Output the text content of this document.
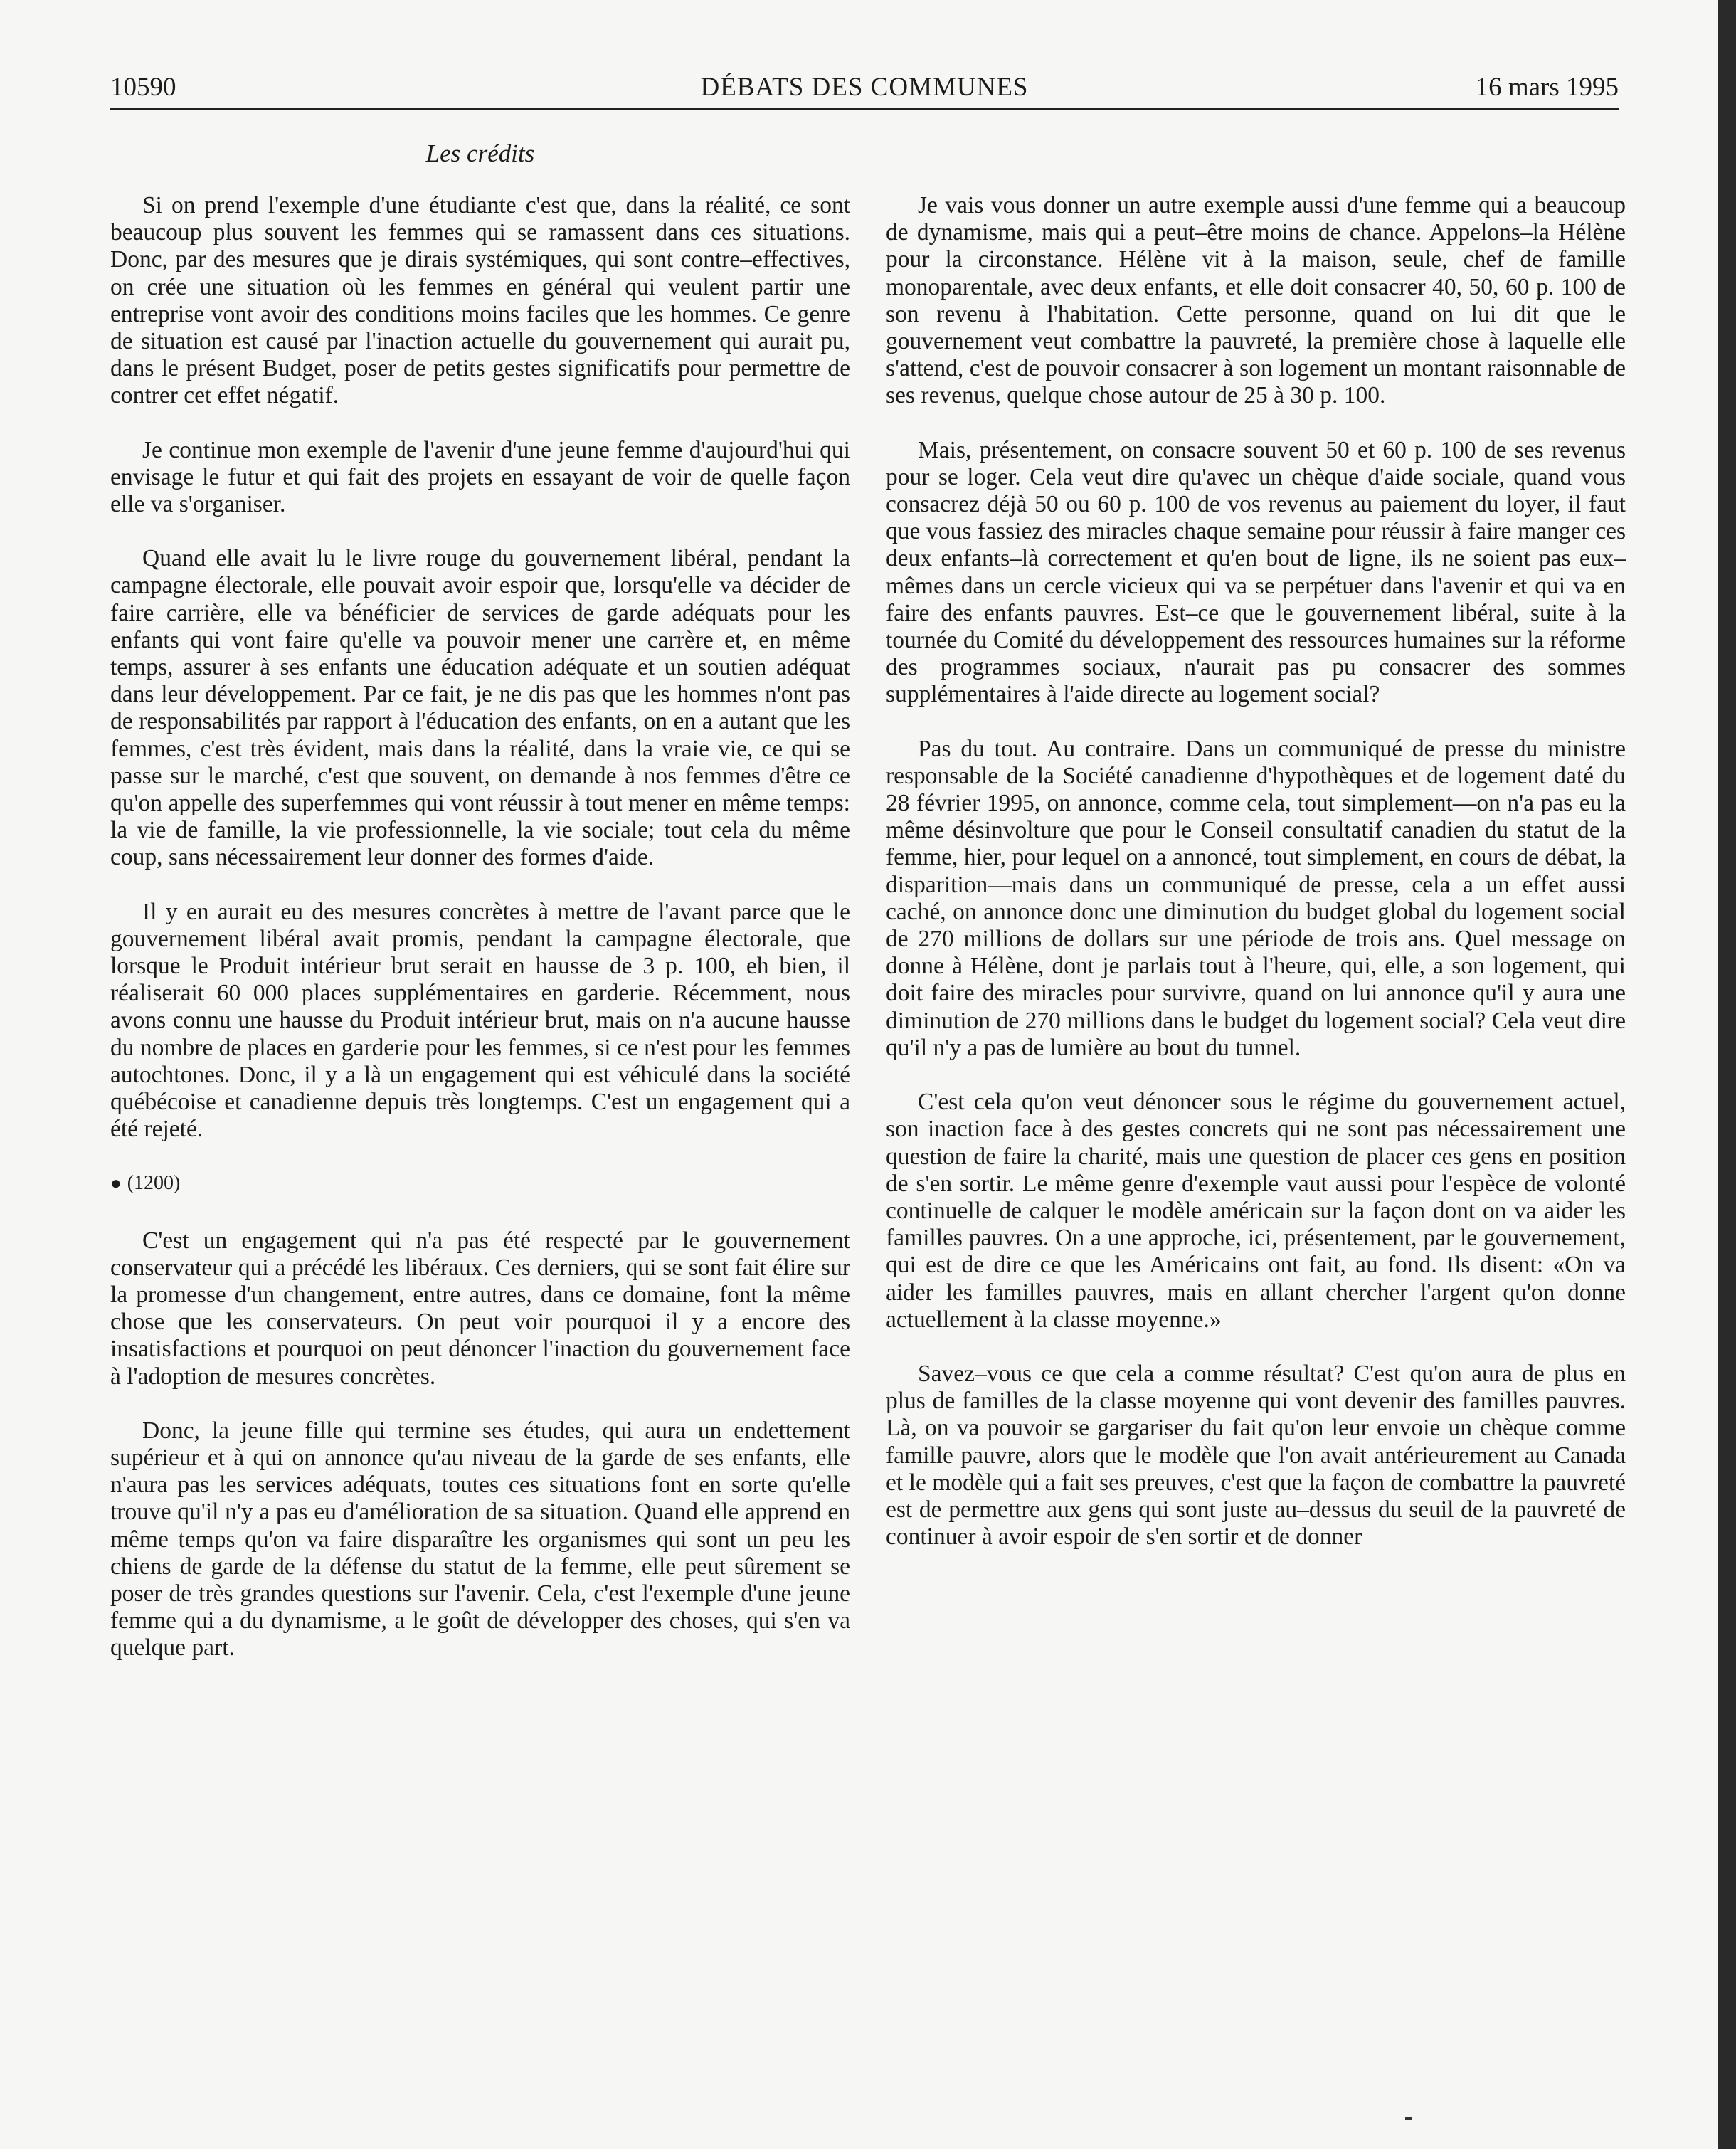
10590	DÉBATS DES COMMUNES	16 mars 1995
Les crédits

Si on prend l'exemple d'une étudiante c'est que, dans la réalité, ce sont beaucoup plus souvent les femmes qui se ramassent dans ces situations. Donc, par des mesures que je dirais systémiques, qui sont contre–effectives, on crée une situation où les femmes en général qui veulent partir une entreprise vont avoir des conditions moins faciles que les hommes. Ce genre de situation est causé par l'inaction actuelle du gouvernement qui aurait pu, dans le présent Budget, poser de petits gestes significatifs pour permettre de contrer cet effet négatif.

Je continue mon exemple de l'avenir d'une jeune femme d'aujourd'hui qui envisage le futur et qui fait des projets en essayant de voir de quelle façon elle va s'organiser.

Quand elle avait lu le livre rouge du gouvernement libéral, pendant la campagne électorale, elle pouvait avoir espoir que, lorsqu'elle va décider de faire carrière, elle va bénéficier de services de garde adéquats pour les enfants qui vont faire qu'elle va pouvoir mener une carrère et, en même temps, assurer à ses enfants une éducation adéquate et un soutien adéquat dans leur développement. Par ce fait, je ne dis pas que les hommes n'ont pas de responsabilités par rapport à l'éducation des enfants, on en a autant que les femmes, c'est très évident, mais dans la réalité, dans la vraie vie, ce qui se passe sur le marché, c'est que souvent, on demande à nos femmes d'être ce qu'on appelle des superfemmes qui vont réussir à tout mener en même temps: la vie de famille, la vie professionnelle, la vie sociale; tout cela du même coup, sans nécessairement leur donner des formes d'aide.

Il y en aurait eu des mesures concrètes à mettre de l'avant parce que le gouvernement libéral avait promis, pendant la campagne électorale, que lorsque le Produit intérieur brut serait en hausse de 3 p. 100, eh bien, il réaliserait 60 000 places supplémentaires en garderie. Récemment, nous avons connu une hausse du Produit intérieur brut, mais on n'a aucune hausse du nombre de places en garderie pour les femmes, si ce n'est pour les femmes autochtones. Donc, il y a là un engagement qui est véhiculé dans la société québécoise et canadienne depuis très longtemps. C'est un engagement qui a été rejeté.

● (1200)

C'est un engagement qui n'a pas été respecté par le gouvernement conservateur qui a précédé les libéraux. Ces derniers, qui se sont fait élire sur la promesse d'un changement, entre autres, dans ce domaine, font la même chose que les conservateurs. On peut voir pourquoi il y a encore des insatisfactions et pourquoi on peut dénoncer l'inaction du gouvernement face à l'adoption de mesures concrètes.

Donc, la jeune fille qui termine ses études, qui aura un endettement supérieur et à qui on annonce qu'au niveau de la garde de ses enfants, elle n'aura pas les services adéquats, toutes ces situations font en sorte qu'elle trouve qu'il n'y a pas eu d'amélioration de sa situation. Quand elle apprend en même temps qu'on va faire disparaître les organismes qui sont un peu les chiens de garde de la défense du statut de la femme, elle peut sûrement se poser de très grandes questions sur l'avenir. Cela, c'est l'exemple d'une jeune femme qui a du dynamisme, a le goût de développer des choses, qui s'en va quelque part.

Je vais vous donner un autre exemple aussi d'une femme qui a beaucoup de dynamisme, mais qui a peut–être moins de chance. Appelons–la Hélène pour la circonstance. Hélène vit à la maison, seule, chef de famille monoparentale, avec deux enfants, et elle doit consacrer 40, 50, 60 p. 100 de son revenu à l'habitation. Cette personne, quand on lui dit que le gouvernement veut combattre la pauvreté, la première chose à laquelle elle s'attend, c'est de pouvoir consacrer à son logement un montant raisonnable de ses revenus, quelque chose autour de 25 à 30 p. 100.

Mais, présentement, on consacre souvent 50 et 60 p. 100 de ses revenus pour se loger. Cela veut dire qu'avec un chèque d'aide sociale, quand vous consacrez déjà 50 ou 60 p. 100 de vos revenus au paiement du loyer, il faut que vous fassiez des miracles chaque semaine pour réussir à faire manger ces deux enfants–là correctement et qu'en bout de ligne, ils ne soient pas eux–mêmes dans un cercle vicieux qui va se perpétuer dans l'avenir et qui va en faire des enfants pauvres. Est–ce que le gouvernement libéral, suite à la tournée du Comité du développement des ressources humaines sur la réforme des programmes sociaux, n'aurait pas pu consacrer des sommes supplémentaires à l'aide directe au logement social?

Pas du tout. Au contraire. Dans un communiqué de presse du ministre responsable de la Société canadienne d'hypothèques et de logement daté du 28 février 1995, on annonce, comme cela, tout simplement—on n'a pas eu la même désinvolture que pour le Conseil consultatif canadien du statut de la femme, hier, pour lequel on a annoncé, tout simplement, en cours de débat, la disparition—mais dans un communiqué de presse, cela a un effet aussi caché, on annonce donc une diminution du budget global du logement social de 270 millions de dollars sur une période de trois ans. Quel message on donne à Hélène, dont je parlais tout à l'heure, qui, elle, a son logement, qui doit faire des miracles pour survivre, quand on lui annonce qu'il y aura une diminution de 270 millions dans le budget du logement social? Cela veut dire qu'il n'y a pas de lumière au bout du tunnel.

C'est cela qu'on veut dénoncer sous le régime du gouvernement actuel, son inaction face à des gestes concrets qui ne sont pas nécessairement une question de faire la charité, mais une question de placer ces gens en position de s'en sortir. Le même genre d'exemple vaut aussi pour l'espèce de volonté continuelle de calquer le modèle américain sur la façon dont on va aider les familles pauvres. On a une approche, ici, présentement, par le gouvernement, qui est de dire ce que les Américains ont fait, au fond. Ils disent: «On va aider les familles pauvres, mais en allant chercher l'argent qu'on donne actuellement à la classe moyenne.»

Savez–vous ce que cela a comme résultat? C'est qu'on aura de plus en plus de familles de la classe moyenne qui vont devenir des familles pauvres. Là, on va pouvoir se gargariser du fait qu'on leur envoie un chèque comme famille pauvre, alors que le modèle que l'on avait antérieurement au Canada et le modèle qui a fait ses preuves, c'est que la façon de combattre la pauvreté est de permettre aux gens qui sont juste au–dessus du seuil de la pauvreté de continuer à avoir espoir de s'en sortir et de donner
